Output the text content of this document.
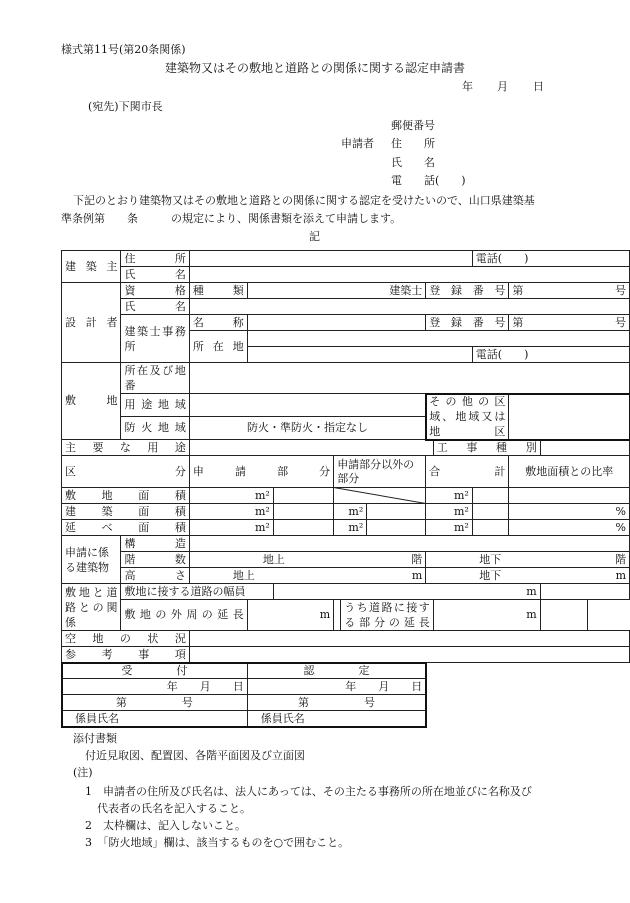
様式第11号(第20条関係)
建築物又はその敷地と道路との関係に関する認定申請書
年 月 日
(宛先)下関市長
郵便番号
申請者 住　　所
氏　　名
電　　話(　　)
下記のとおり建築物又はその敷地と道路との関係に関する認定を受けたいので、山口県建築基
準条例第　　条　　　の規定により、関係書類を添えて申請します。
記
建築主	住　　所									電話(　　)		
	氏　　名											
設計者	資　　格	種　類	建築士					登録番号			第 号	

	氏　　名											
	建築士事務所	名　称						登録番号			第 号	

		所 在 地										
										電話(　　)		
敷　　地	所在及び地番											

	用途地域							その他の区域、地域又は地区				
	防火地域	防火・準防火・指定なし										
主　要　な　用　途									工　事　種　別			
区　　　　分		申　請　部　分			申請部分以外の部分			合　　計			敷地面積との比率	
敷　地　面　積		m²						m²				
建　築　面　積		m²			m²			m²			%	
延　べ　面　積		m²			m²			m²			%	
申請に係る建築物	構　　造											
	階　　数	地上 階						地下 階				

	高　　さ	地上 m						地下 m				

敷地と道路との関係	敷地に接する道路の幅員			m								
	敷地の外周の延長		m			うち道路に接する部分の延長			m			

空　地　の　状　況												
参　考　事　項												
受　　　　付			認　　　　定									
年　　月　　日			年　　月　　日									
第　　　　　号			第　　　　　号									
係員氏名			係員氏名									
添付書類
付近見取図、配置図、各階平面図及び立面図
(注)
1　申請者の住所及び氏名は、法人にあっては、その主たる事務所の所在地並びに名称及び
代表者の氏名を記入すること。
2　太枠欄は、記入しないこと。
3　「防火地域」欄は、該当するものを○で囲むこと。
